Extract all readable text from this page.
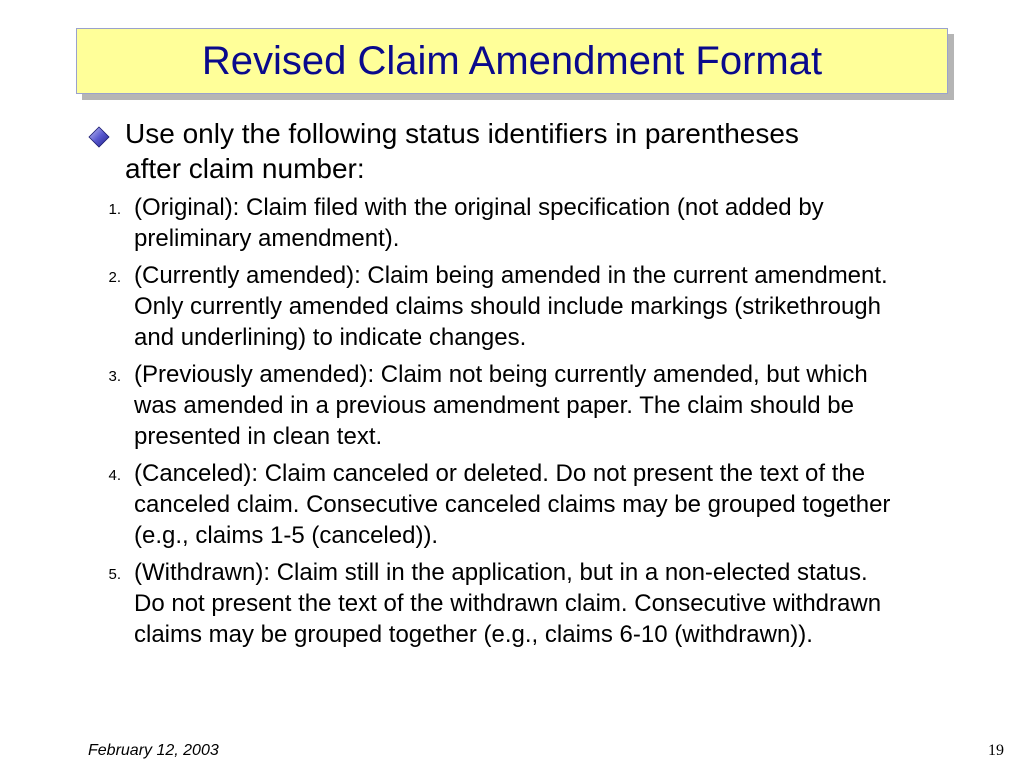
Revised Claim Amendment Format
Use only the following status identifiers in parentheses after claim number:
1. (Original): Claim filed with the original specification (not added by preliminary amendment).
2. (Currently amended): Claim being amended in the current amendment. Only currently amended claims should include markings (strikethrough and underlining) to indicate changes.
3. (Previously amended): Claim not being currently amended, but which was amended in a previous amendment paper. The claim should be presented in clean text.
4. (Canceled): Claim canceled or deleted. Do not present the text of the canceled claim. Consecutive canceled claims may be grouped together (e.g., claims 1-5 (canceled)).
5. (Withdrawn): Claim still in the application, but in a non-elected status. Do not present the text of the withdrawn claim. Consecutive withdrawn claims may be grouped together (e.g., claims 6-10 (withdrawn)).
February 12, 2003	19
